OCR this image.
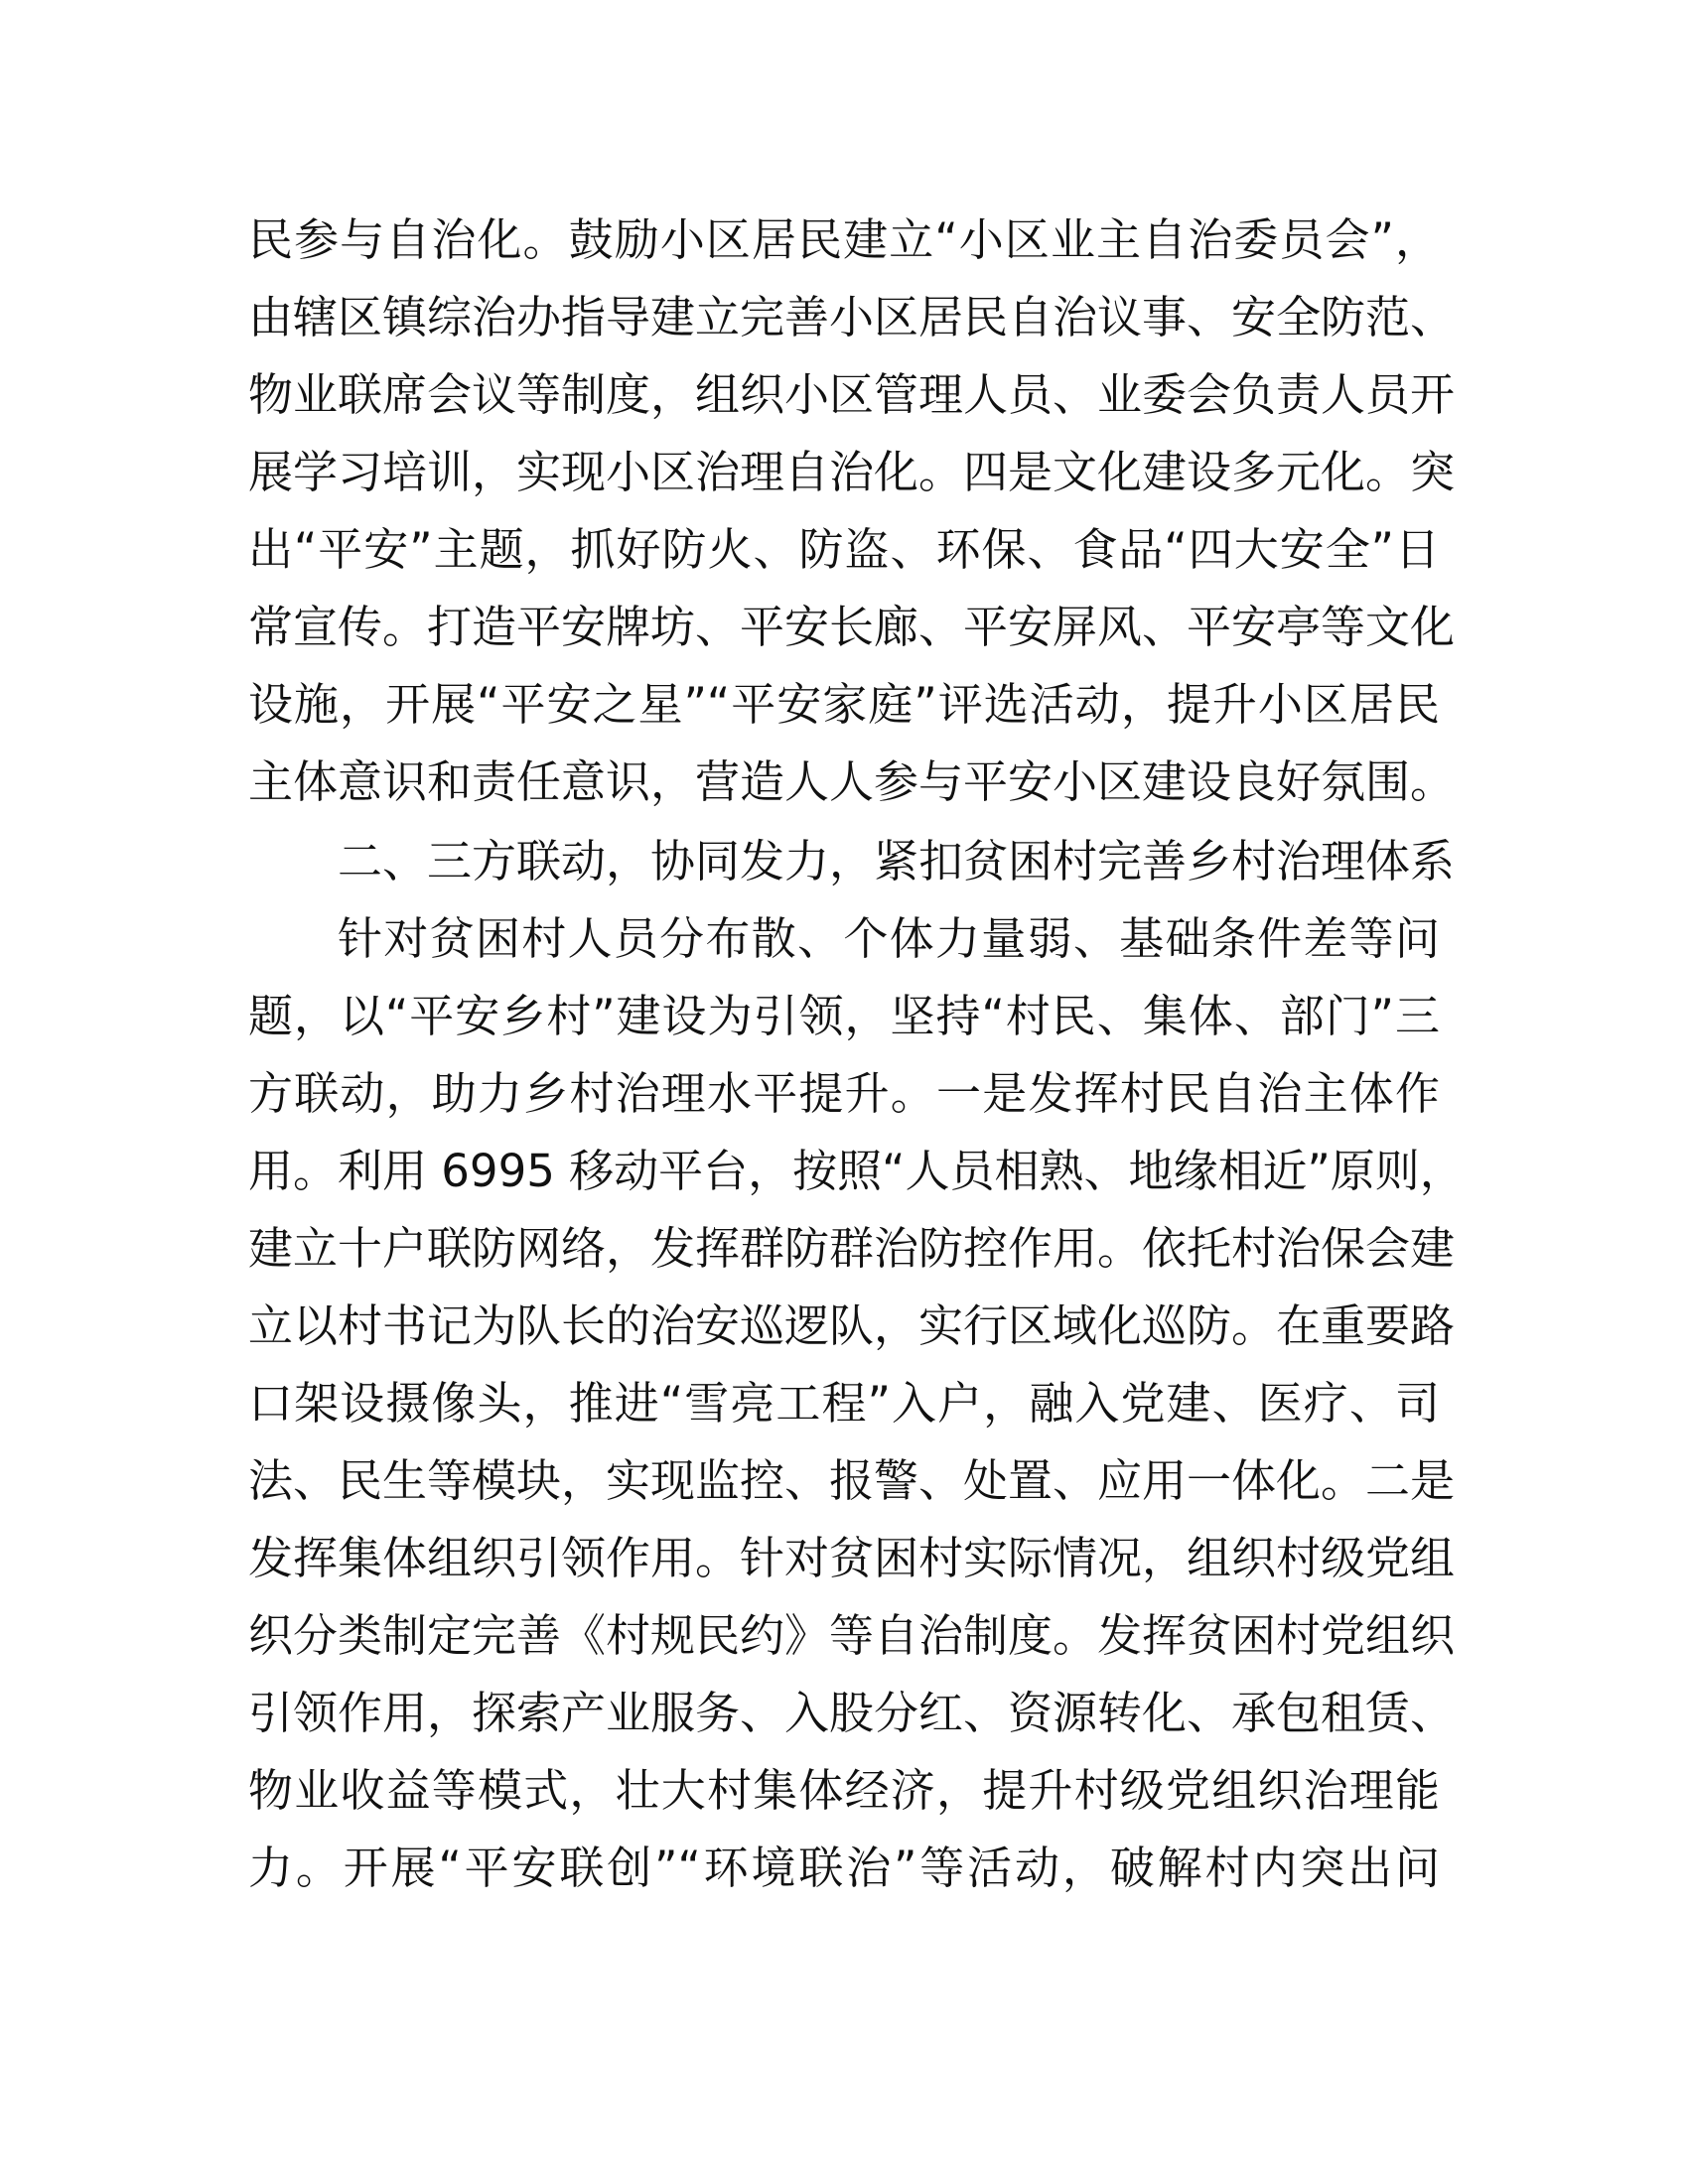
民参与自治化。鼓励小区居民建立“小区业主自治委员会”，
由辖区镇综治办指导建立完善小区居民自治议事、安全防范、
物业联席会议等制度，组织小区管理人员、业委会负责人员开
展学习培训，实现小区治理自治化。四是文化建设多元化。突
出“平安”主题，抓好防火、防盗、环保、食品“四大安全”日
常宣传。打造平安牌坊、平安长廊、平安屏风、平安亭等文化
设施，开展“平安之星”“平安家庭”评选活动，提升小区居民
主体意识和责任意识，营造人人参与平安小区建设良好氛围。
二、三方联动，协同发力，紧扣贫困村完善乡村治理体系
针对贫困村人员分布散、个体力量弱、基础条件差等问
题，以“平安乡村”建设为引领，坚持“村民、集体、部门”三
方联动，助力乡村治理水平提升。一是发挥村民自治主体作
用。利用 6995 移动平台，按照“人员相熟、地缘相近”原则，
建立十户联防网络，发挥群防群治防控作用。依托村治保会建
立以村书记为队长的治安巡逻队，实行区域化巡防。在重要路
口架设摄像头，推进“雪亮工程”入户，融入党建、医疗、司
法、民生等模块，实现监控、报警、处置、应用一体化。二是
发挥集体组织引领作用。针对贫困村实际情况，组织村级党组
织分类制定完善《村规民约》等自治制度。发挥贫困村党组织
引领作用，探索产业服务、入股分红、资源转化、承包租赁、
物业收益等模式，壮大村集体经济，提升村级党组织治理能
力。开展“平安联创”“环境联治”等活动，破解村内突出问
